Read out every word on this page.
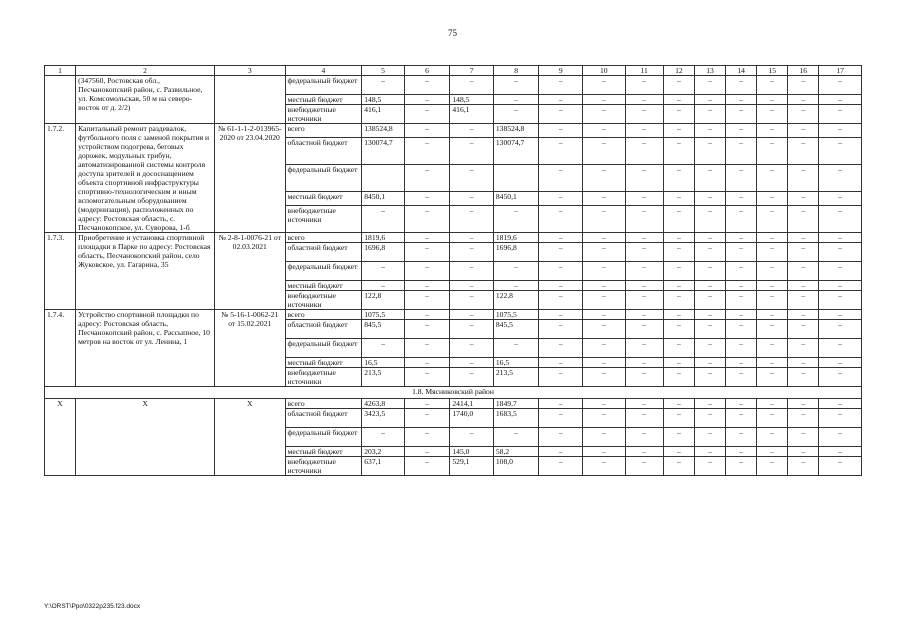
75
1	2	3	4	5	6	7	8	9	10	11	12	13	14	15	16	17
	(347560, Ростовская обл., Песчанокопский район, с. Развильное, ул. Комсомольская, 50 м на северо-восток от д. 2/2)		федеральный бюджет	–	–	–	–	–	–	–	–	–	–	–	–	–
			местный бюджет	148,5	–	148,5	–	–	–	–	–	–	–	–	–	–
			внебюджетные источники	416,1	–	416,1	–	–	–	–	–	–	–	–	–	–
1.7.2.	Капитальный ремонт раздевалок, футбольного поля с заменой покрытия и устройством подогрева, беговых дорожек, модульных трибун, автоматизированной системы контроля доступа зрителей и дососнащением объекта спортивной инфраструктуры спортивно-технологическим и иным вспомогательным оборудованием (модернизация), расположенных по адресу: Ростовская область, с. Песчанокопское, ул. Суворова, 1-б	№ 61-1-1-2-013965-2020 от 23.04.2020	всего	138524,8	–	–	138524,8	–	–	–	–	–	–	–	–	–
			областной бюджет	130074,7	–	–	130074,7	–	–	–	–	–	–	–	–	–
			федеральный бюджет		–	–		–	–	–	–	–	–	–	–	–
			местный бюджет	8450,1	–	–	8450,1	–	–	–	–	–	–	–	–	–
			внебюджетные источники	–	–	–	–	–	–	–	–	–	–	–	–	–
1.7.3.	Приобретение и установка спортивной площадки в Парке по адресу: Ростовская область, Песчанокопский район, село Жуковское, ул. Гагарина, 35	№ 2-8-1-0076-21 от 02.03.2021	всего	1819,6	–	–	1819,6	–	–	–	–	–	–	–	–	–
			областной бюджет	1696,8	–	–	1696,8	–	–	–	–	–	–	–	–	–
			федеральный бюджет	–	–	–	–	–	–	–	–	–	–	–	–	–
			местный бюджет	–	–	–	–	–	–	–	–	–	–	–	–	–
			внебюджетные источники	122,8	–	–	122,8	–	–	–	–	–	–	–	–	–
1.7.4.	Устройство спортивной площадки по адресу: Ростовская область, Песчанокопский район, с. Рассыпное, 10 метров на восток от ул. Ленина, 1	№ 5-16-1-0062-21 от 15.02.2021	всего	1075,5	–	–	1075,5	–	–	–	–	–	–	–	–	–
			областной бюджет	845,5	–	–	845,5	–	–	–	–	–	–	–	–	–
			федеральный бюджет	–	–	–	–	–	–	–	–	–	–	–	–	–
			местный бюджет	16,5	–	–	16,5	–	–	–	–	–	–	–	–	–
			внебюджетные источники	213,5	–	–	213,5	–	–	–	–	–	–	–	–	–
1.8. Мясниковский район																
X	X	X	всего	4263,8	–	2414,1	1849,7	–	–	–	–	–	–	–	–	–
			областной бюджет	3423,5	–	1740,0	1683,5	–	–	–	–	–	–	–	–	–
			федеральный бюджет	–	–	–	–	–	–	–	–	–	–	–	–	–
			местный бюджет	203,2	–	145,0	58,2	–	–	–	–	–	–	–	–	–
			внебюджетные источники	637,1	–	529,1	108,0	–	–	–	–	–	–	–	–	–
Y:\ORST\Ppo\0322p235.f23.docx
